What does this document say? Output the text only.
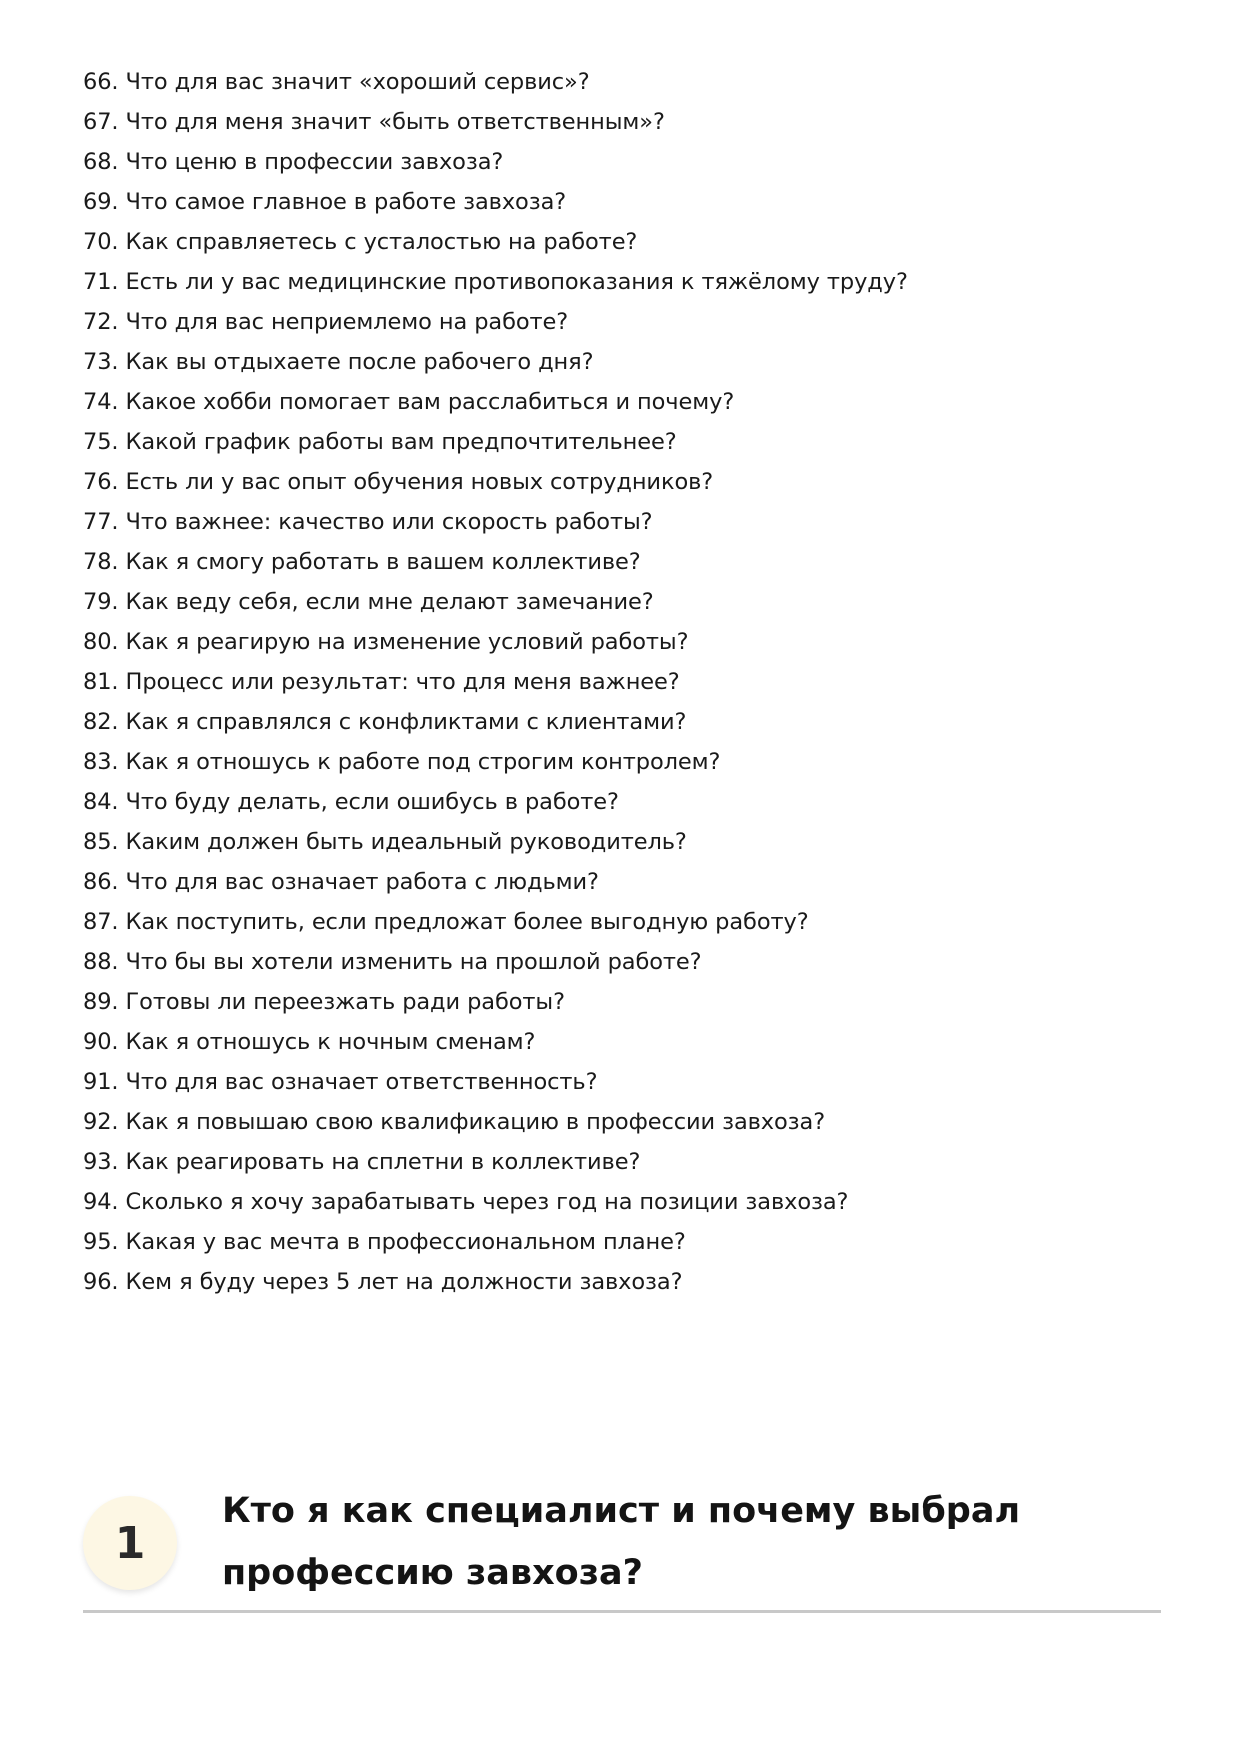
66. Что для вас значит «хороший сервис»?
67. Что для меня значит «быть ответственным»?
68. Что ценю в профессии завхоза?
69. Что самое главное в работе завхоза?
70. Как справляетесь с усталостью на работе?
71. Есть ли у вас медицинские противопоказания к тяжёлому труду?
72. Что для вас неприемлемо на работе?
73. Как вы отдыхаете после рабочего дня?
74. Какое хобби помогает вам расслабиться и почему?
75. Какой график работы вам предпочтительнее?
76. Есть ли у вас опыт обучения новых сотрудников?
77. Что важнее: качество или скорость работы?
78. Как я смогу работать в вашем коллективе?
79. Как веду себя, если мне делают замечание?
80. Как я реагирую на изменение условий работы?
81. Процесс или результат: что для меня важнее?
82. Как я справлялся с конфликтами с клиентами?
83. Как я отношусь к работе под строгим контролем?
84. Что буду делать, если ошибусь в работе?
85. Каким должен быть идеальный руководитель?
86. Что для вас означает работа с людьми?
87. Как поступить, если предложат более выгодную работу?
88. Что бы вы хотели изменить на прошлой работе?
89. Готовы ли переезжать ради работы?
90. Как я отношусь к ночным сменам?
91. Что для вас означает ответственность?
92. Как я повышаю свою квалификацию в профессии завхоза?
93. Как реагировать на сплетни в коллективе?
94. Сколько я хочу зарабатывать через год на позиции завхоза?
95. Какая у вас мечта в профессиональном плане?
96. Кем я буду через 5 лет на должности завхоза?
1
Кто я как специалист и почему выбрал профессию завхоза?
